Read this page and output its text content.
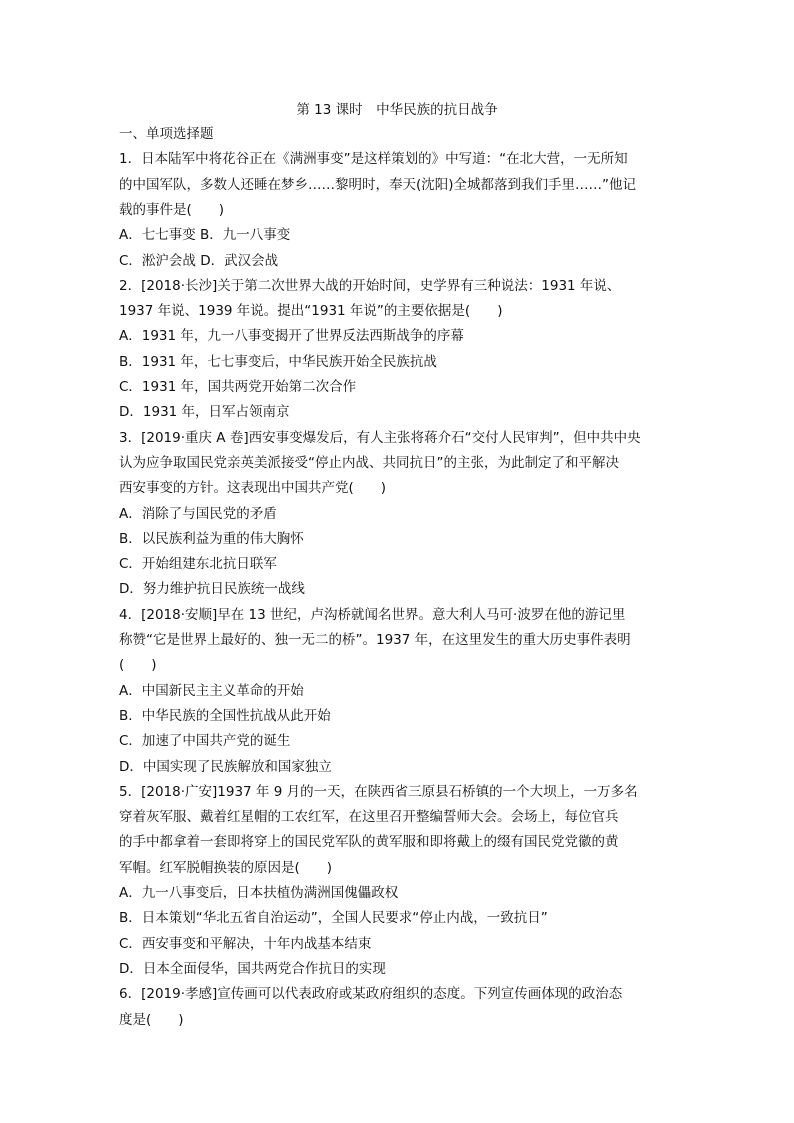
第 13 课时　中华民族的抗日战争
一、单项选择题
1．日本陆军中将花谷正在《满洲事变”是这样策划的》中写道：“在北大营，一无所知
的中国军队，多数人还睡在梦乡……黎明时，奉天(沈阳)全城都落到我们手里……”他记
载的事件是(　　)
A．七七事变 B．九一八事变
C．淞沪会战 D．武汉会战
2．[2018·长沙]关于第二次世界大战的开始时间，史学界有三种说法：1931 年说、
1937 年说、1939 年说。提出“1931 年说”的主要依据是(　　)
A．1931 年，九一八事变揭开了世界反法西斯战争的序幕
B．1931 年，七七事变后，中华民族开始全民族抗战
C．1931 年，国共两党开始第二次合作
D．1931 年，日军占领南京
3．[2019·重庆 A 卷]西安事变爆发后，有人主张将蒋介石“交付人民审判”，但中共中央
认为应争取国民党亲英美派接受“停止内战、共同抗日”的主张，为此制定了和平解决
西安事变的方针。这表现出中国共产党(　　)
A．消除了与国民党的矛盾
B．以民族利益为重的伟大胸怀
C．开始组建东北抗日联军
D．努力维护抗日民族统一战线
4．[2018·安顺]早在 13 世纪，卢沟桥就闻名世界。意大利人马可·波罗在他的游记里
称赞“它是世界上最好的、独一无二的桥”。1937 年，在这里发生的重大历史事件表明
(　　)
A．中国新民主主义革命的开始
B．中华民族的全国性抗战从此开始
C．加速了中国共产党的诞生
D．中国实现了民族解放和国家独立
5．[2018·广安]1937 年 9 月的一天，在陕西省三原县石桥镇的一个大坝上，一万多名
穿着灰军服、戴着红星帽的工农红军，在这里召开整编誓师大会。会场上，每位官兵
的手中都拿着一套即将穿上的国民党军队的黄军服和即将戴上的缀有国民党党徽的黄
军帽。红军脱帽换装的原因是(　　)
A．九一八事变后，日本扶植伪满洲国傀儡政权
B．日本策划“华北五省自治运动”，全国人民要求“停止内战，一致抗日”
C．西安事变和平解决，十年内战基本结束
D．日本全面侵华，国共两党合作抗日的实现
6．[2019·孝感]宣传画可以代表政府或某政府组织的态度。下列宣传画体现的政治态
度是(　　)
